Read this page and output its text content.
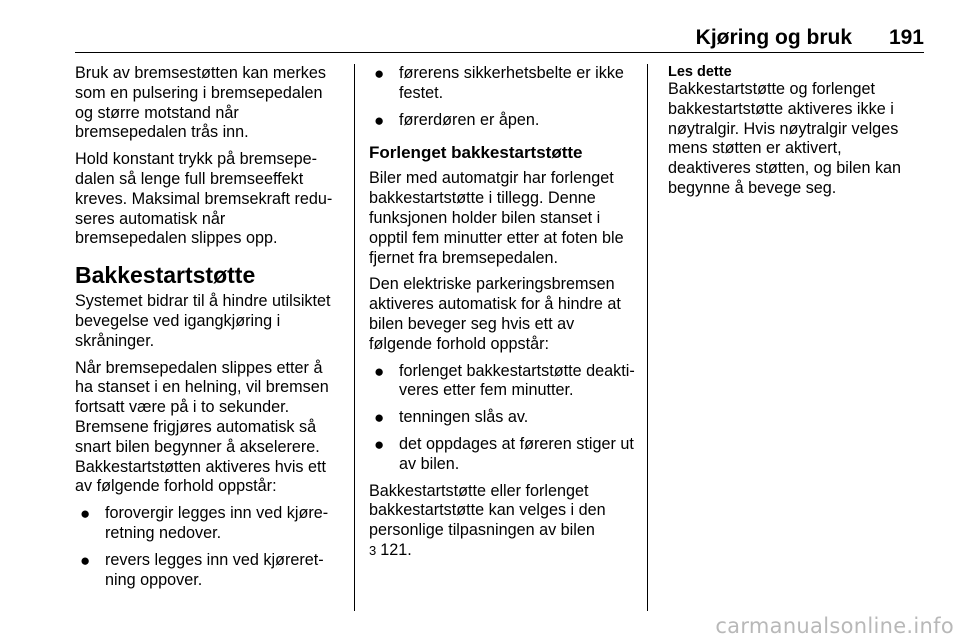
Kjøring og bruk 191

Bruk av bremsestøtten kan merkes som en pulsering i bremsepedalen og større motstand når bremsepedalen trås inn.

Hold konstant trykk på bremsepedalen så lenge full bremseeffekt kreves. Maksimal bremsekraft reduseres automatisk når bremsepedalen slippes opp.

Bakkestartstøtte

Systemet bidrar til å hindre utilsiktet bevegelse ved igangkjøring i skråninger.

Når bremsepedalen slippes etter å ha stanset i en helning, vil bremsen fortsatt være på i to sekunder. Bremsene frigjøres automatisk så snart bilen begynner å akselerere. Bakkestartstøtten aktiveres hvis ett av følgende forhold oppstår:

● forovergir legges inn ved kjøreretning nedover.
● revers legges inn ved kjøreretning oppover.
● førerens sikkerhetsbelte er ikke festet.
● førerdøren er åpen.
Forlenget bakkestartstøtte

Biler med automatgir har forlenget bakkestartstøtte i tillegg. Denne funksjonen holder bilen stanset i opptil fem minutter etter at foten ble fjernet fra bremsepedalen.

Den elektriske parkeringsbremsen aktiveres automatisk for å hindre at bilen beveger seg hvis ett av følgende forhold oppstår:

● forlenget bakkestartstøtte deaktiveres etter fem minutter.
● tenningen slås av.
● det oppdages at føreren stiger ut av bilen.

Bakkestartstøtte eller forlenget bakkestartstøtte kan velges i den personlige tilpasningen av bilen
3 121.

Les dette
Bakkestartstøtte og forlenget bakkestartstøtte aktiveres ikke i nøytralgir. Hvis nøytralgir velges mens støtten er aktivert, deaktiveres støtten, og bilen kan begynne å bevege seg.
carmanualsonline.info
